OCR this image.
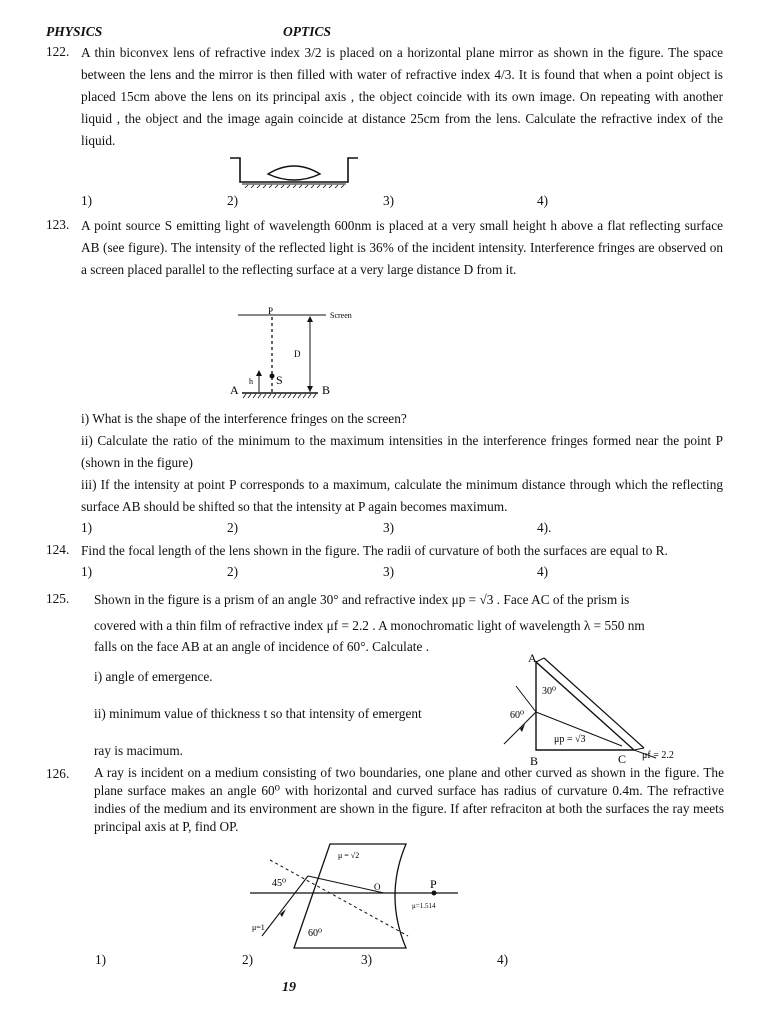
PHYSICS	OPTICS
122. A thin biconvex lens of refractive index 3/2 is placed on a horizontal plane mirror as shown in the figure. The space between the lens and the mirror is then filled with water of refractive index 4/3. It is found that when a point object is placed 15cm above the lens on its principal axis , the object coincide with its own image. On repeating with another liquid , the object and the image again coincide at distance 25cm from the lens. Calculate the refractive index of the liquid.
1)	2)	3)	4)
123. A point source S emitting light of wavelength 600nm is placed at a very small height h above a flat reflecting surface AB (see figure). The intensity of the reflected light is 36% of the incident intensity. Interference fringes are observed on a screen placed parallel to the reflecting surface at a very large distance D from it.
Screen
P
D
S
h
A	B
i) What is the shape of the interference fringes on the screen?
ii) Calculate the ratio of the minimum to the maximum intensities in the interference fringes formed near the point P (shown in the figure)
iii) If the intensity at point P corresponds to a maximum, calculate the minimum distance through which the reflecting surface AB should be shifted so that the intensity at P again becomes maximum.
1)	2)	3)	4).
124. Find the focal length of the lens shown in the figure. The radii of curvature of both the surfaces are equal to R.
1)	2)	3)	4)
125. Shown in the figure is a prism of an angle 30° and refractive index μp = √3 . Face AC of the prism is
covered with a thin film of refractive index μf = 2.2 . A monochromatic light of wavelength λ = 550 nm
falls on the face AB at an angle of incidence of 60°. Calculate .
i) angle of emergence.
ii) minimum value of thickness t so that intensity of emergent
ray is macimum.
A
B	C
30⁰
60⁰
μp = √3
μf = 2.2
126. A ray is incident on a medium consisting of two boundaries, one plane and other curved as shown in the figure. The plane surface makes an angle 60⁰ with horizontal and curved surface has radius of curvature 0.4m. The refractive indies of the medium and its environment are shown in the figure. If after refraciton at both the surfaces the ray meets principal axis at P, find OP.
μ = √2
45⁰
60⁰
O	P
μ=1.514
μ=1
1)	2)	3)	4)
19
